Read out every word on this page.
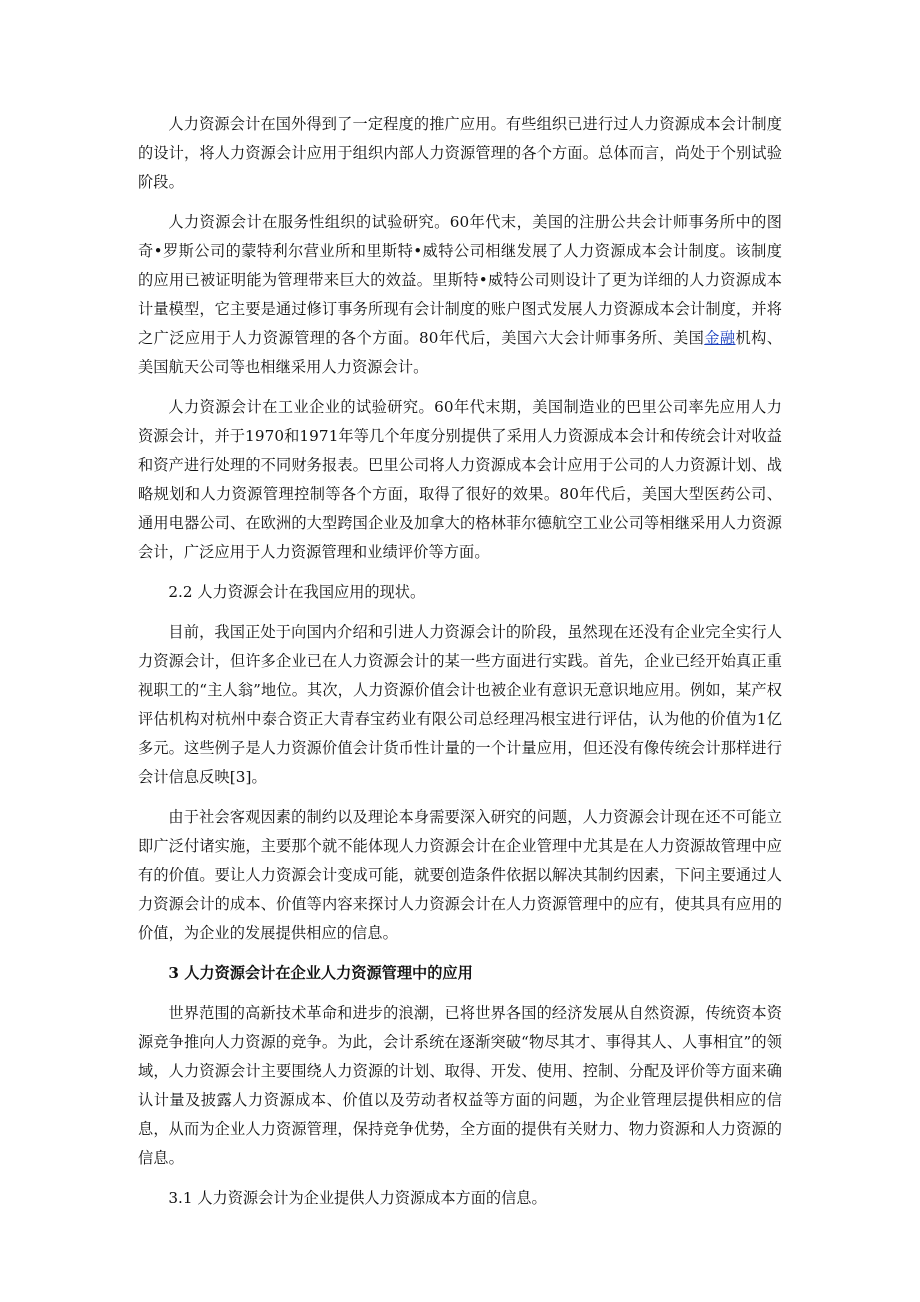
人力资源会计在国外得到了一定程度的推广应用。有些组织已进行过人力资源成本会计制度的设计，将人力资源会计应用于组织内部人力资源管理的各个方面。总体而言，尚处于个别试验阶段。

人力资源会计在服务性组织的试验研究。60年代末，美国的注册公共会计师事务所中的图奇•罗斯公司的蒙特利尔营业所和里斯特•威特公司相继发展了人力资源成本会计制度。该制度的应用已被证明能为管理带来巨大的效益。里斯特•威特公司则设计了更为详细的人力资源成本计量模型，它主要是通过修订事务所现有会计制度的账户图式发展人力资源成本会计制度，并将之广泛应用于人力资源管理的各个方面。80年代后，美国六大会计师事务所、美国金融机构、美国航天公司等也相继采用人力资源会计。

人力资源会计在工业企业的试验研究。60年代末期，美国制造业的巴里公司率先应用人力资源会计，并于1970和1971年等几个年度分别提供了采用人力资源成本会计和传统会计对收益和资产进行处理的不同财务报表。巴里公司将人力资源成本会计应用于公司的人力资源计划、战略规划和人力资源管理控制等各个方面，取得了很好的效果。80年代后，美国大型医药公司、通用电器公司、在欧洲的大型跨国企业及加拿大的格林菲尔德航空工业公司等相继采用人力资源会计，广泛应用于人力资源管理和业绩评价等方面。

2.2 人力资源会计在我国应用的现状。

目前，我国正处于向国内介绍和引进人力资源会计的阶段，虽然现在还没有企业完全实行人力资源会计，但许多企业已在人力资源会计的某一些方面进行实践。首先，企业已经开始真正重视职工的“主人翁”地位。其次，人力资源价值会计也被企业有意识无意识地应用。例如，某产权评估机构对杭州中泰合资正大青春宝药业有限公司总经理冯根宝进行评估，认为他的价值为1亿多元。这些例子是人力资源价值会计货币性计量的一个计量应用，但还没有像传统会计那样进行会计信息反映[3]。

由于社会客观因素的制约以及理论本身需要深入研究的问题，人力资源会计现在还不可能立即广泛付诸实施，主要那个就不能体现人力资源会计在企业管理中尤其是在人力资源故管理中应有的价值。要让人力资源会计变成可能，就要创造条件依据以解决其制约因素，下问主要通过人力资源会计的成本、价值等内容来探讨人力资源会计在人力资源管理中的应有，使其具有应用的价值，为企业的发展提供相应的信息。

3 人力资源会计在企业人力资源管理中的应用

世界范围的高新技术革命和进步的浪潮，已将世界各国的经济发展从自然资源，传统资本资源竞争推向人力资源的竞争。为此，会计系统在逐渐突破“物尽其才、事得其人、人事相宜”的领域，人力资源会计主要围绕人力资源的计划、取得、开发、使用、控制、分配及评价等方面来确认计量及披露人力资源成本、价值以及劳动者权益等方面的问题，为企业管理层提供相应的信息，从而为企业人力资源管理，保持竞争优势，全方面的提供有关财力、物力资源和人力资源的信息。

3.1 人力资源会计为企业提供人力资源成本方面的信息。
